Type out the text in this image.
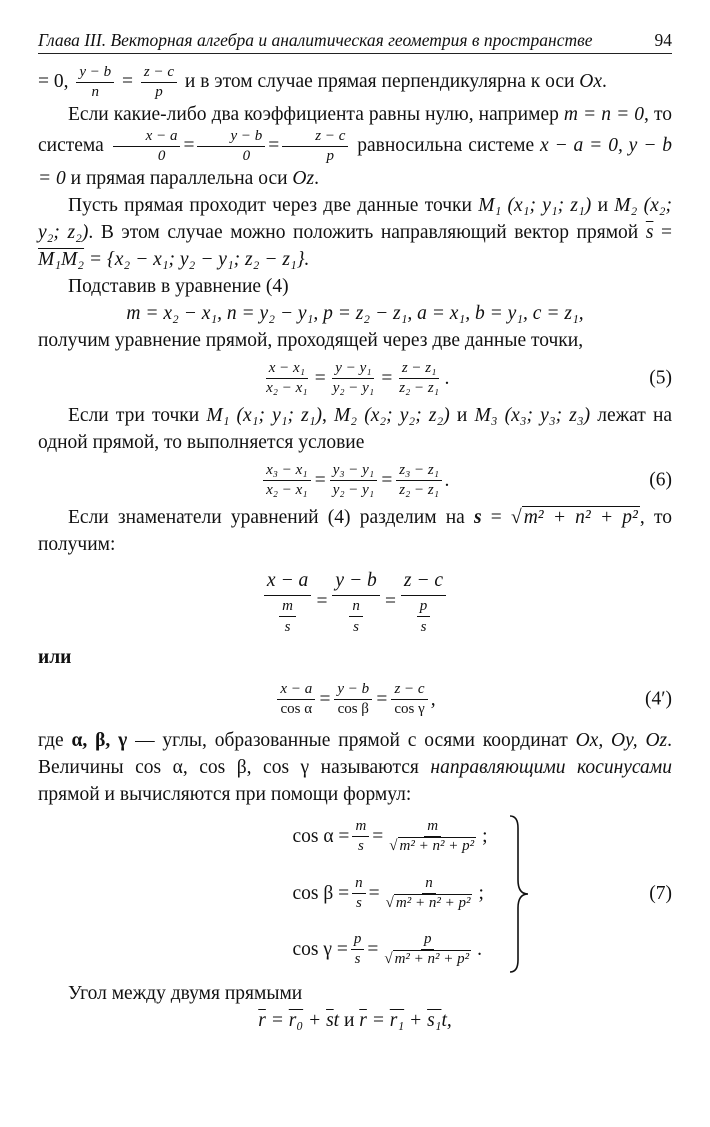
Глава III. Векторная алгебра и аналитическая геометрия в пространстве	94

= 0, $\frac{y - b}{n} = \frac{z - c}{p}$ и в этом случае прямая перпендикулярна к оси Ox.

Если какие-либо два коэффициента равны нулю, например m = n = 0, то система $\frac{x - a}{0} = \frac{y - b}{0} = \frac{z - c}{p}$ равносильна системе x − a = 0, y − b = 0 и прямая параллельна оси Oz.

Пусть прямая проходит через две данные точки M₁ (x₁; y₁; z₁) и M₂ (x₂; y₂; z₂). В этом случае можно положить направляющий вектор прямой $\overline{s} = M_1M_2 = \{x_2 - x_1$; y₂ − y₁; z₂ − z₁}.

Подставив в уравнение (4)

m = x₂ − x₁, n = y₂ − y₁, p = z₂ − z₁, a = x₁, b = y₁, c = z₁,

получим уравнение прямой, проходящей через две данные точки,

$\frac{\text{x − x₁}}{\text{x₂ − x₁}} = \frac{\text{y − y₁}}{\text{y₂ − y₁}} = \frac{\text{z − z₁}}{\text{z₂ − z₁}}$ .	(5)

Если три точки M₁ (x₁; y₁; z₁), M₂ (x₂; y₂; z₂) и M₃ (x₃; y₃; z₃) лежат на одной прямой, то выполняется условие

$\frac{\text{x₃ − x₁}}{\text{x₂ − x₁}} = \frac{\text{y₃ − y₁}}{\text{y₂ − y₁}} = \frac{\text{z₃ − z₁}}{\text{z₂ − z₁}}$ .	(6)

Если знаменатели уравнений (4) разделим на s = √ m² + n² + p² , то получим:

$\frac{x - a}{\frac{m}{s}} = \frac{y - b}{\frac{n}{s}} = \frac{z - c}{\frac{p}{s}}$

или

$\frac{x - a}{\text{cos α}} = \frac{y - b}{\text{cos β}} = \frac{z - c}{\text{cos γ}}$ ,	(4′)

где α, β, γ — углы, образованные прямой с осями координат Ox, Oy, Oz. Величины cos α, cos β, cos γ называются направляющими косинусами прямой и вычисляются при помощи формул:

$\cos \alpha = \frac{m}{s} = \frac{m}{\text{√ m² + n² + p²}}$ ;
$\cos \beta = \frac{n}{s} = \frac{n}{\text{√ m² + n² + p²}}$ ;
$\cos \gamma = \frac{p}{s} = \frac{p}{\text{√ m² + n² + p²}}$ .
(7)

Угол между двумя прямыми

$\overline{r} = r_0 + \overline{s}t$ и $\overline{r} = r_1 + s_1t$,
